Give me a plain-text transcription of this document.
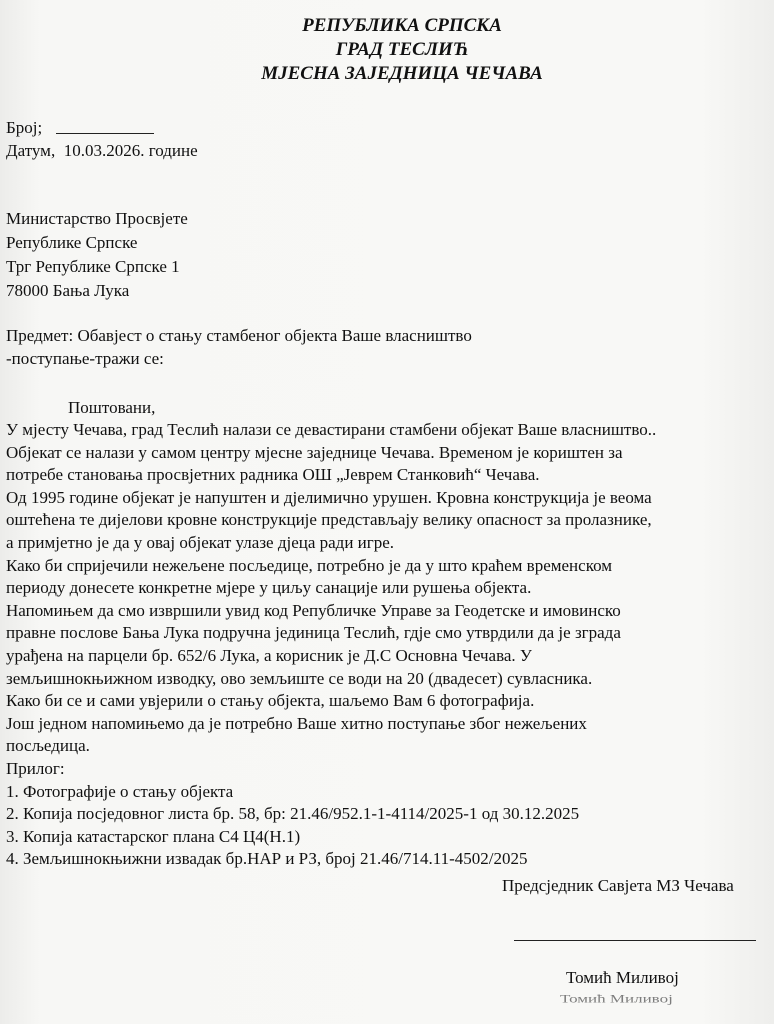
РЕПУБЛИКА СРПСКА
ГРАД ТЕСЛИЋ
МЈЕСНА ЗАЈЕДНИЦА ЧЕЧАВА
Број;
Датум, 10.03.2026. године
Министарство Просвјете
Републике Српске
Трг Републике Српске 1
78000 Бања Лука
Предмет: Обавјест о стању стамбеног објекта Ваше власништво
-поступање-тражи се:
Поштовани,

У мјесту Чечава, град Теслић налази се девастирани стамбени објекат Ваше власништво..

Објекат се налази у самом центру мјесне заједнице Чечава. Временом је кориштен за

потребе становања просвјетних радника ОШ „Јеврем Станковић“ Чечава.

Од 1995 године објекат је напуштен и дјелимично урушен. Кровна конструкција је веома

оштећена те дијелови кровне конструкције представљају велику опасност за пролазнике,

а примјетно је да у овај објекат улазе дјеца ради игре.

Како би спријечили нежељене посљедице, потребно је да у што краћем временском

периоду донесете конкретне мјере у циљу санације или рушења објекта.

Напомињем да смо извршили увид код Републичке Управе за Геодетске и имовинско

правне послове Бања Лука подручна јединица Теслић, гдје смо утврдили да је зграда

урађена на парцели бр. 652/6 Лука, а корисник је Д.С Основна Чечава. У

земљишнокњижном изводку, ово земљиште се води на 20 (двадесет) сувласника.

Како би се и сами увјерили о стању објекта, шаљемо Вам 6 фотографија.

Још једном напомињемо да је потребно Ваше хитно поступање због нежељених

посљедица.

Прилог:

1. Фотографије о стању објекта

2. Копија посједовног листа бр. 58, бр: 21.46/952.1-1-4114/2025-1 од 30.12.2025

3. Копија катастарског плана С4 Ц4(Н.1)

4. Земљишнокњижни извадак бр.НАР и РЗ, број 21.46/714.11-4502/2025

Предсједник Савјета МЗ Чечава
Томић Миливој
Томић Миливој
